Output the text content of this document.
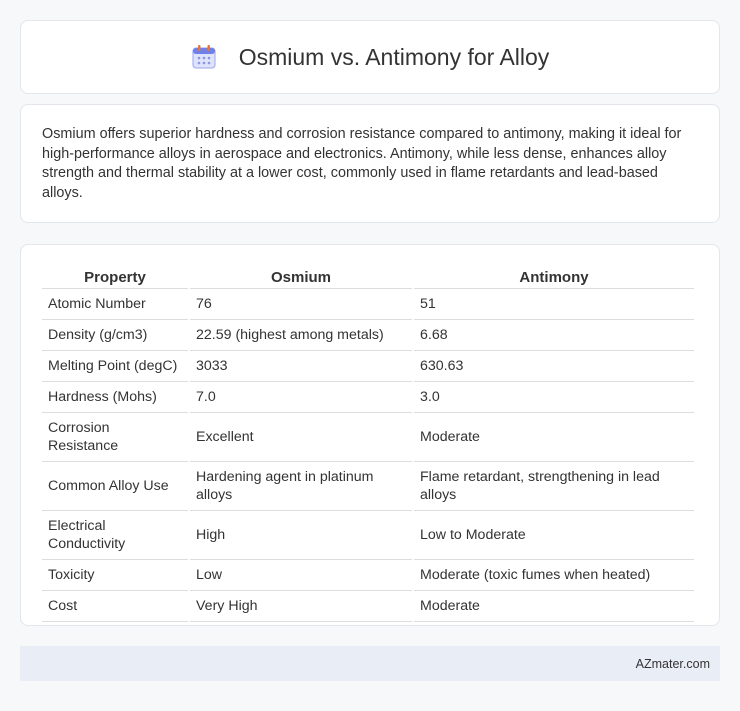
Osmium vs. Antimony for Alloy

Osmium offers superior hardness and corrosion resistance compared to antimony, making it ideal for high-performance alloys in aerospace and electronics. Antimony, while less dense, enhances alloy strength and thermal stability at a lower cost, commonly used in flame retardants and lead-based alloys.

Property	Osmium	Antimony
Atomic Number	76	51
Density (g/cm3)	22.59 (highest among metals)	6.68
Melting Point (degC)	3033	630.63
Hardness (Mohs)	7.0	3.0
Corrosion Resistance	Excellent	Moderate
Common Alloy Use	Hardening agent in platinum alloys	Flame retardant, strengthening in lead alloys
Electrical Conductivity	High	Low to Moderate
Toxicity	Low	Moderate (toxic fumes when heated)
Cost	Very High	Moderate
AZmater.com
